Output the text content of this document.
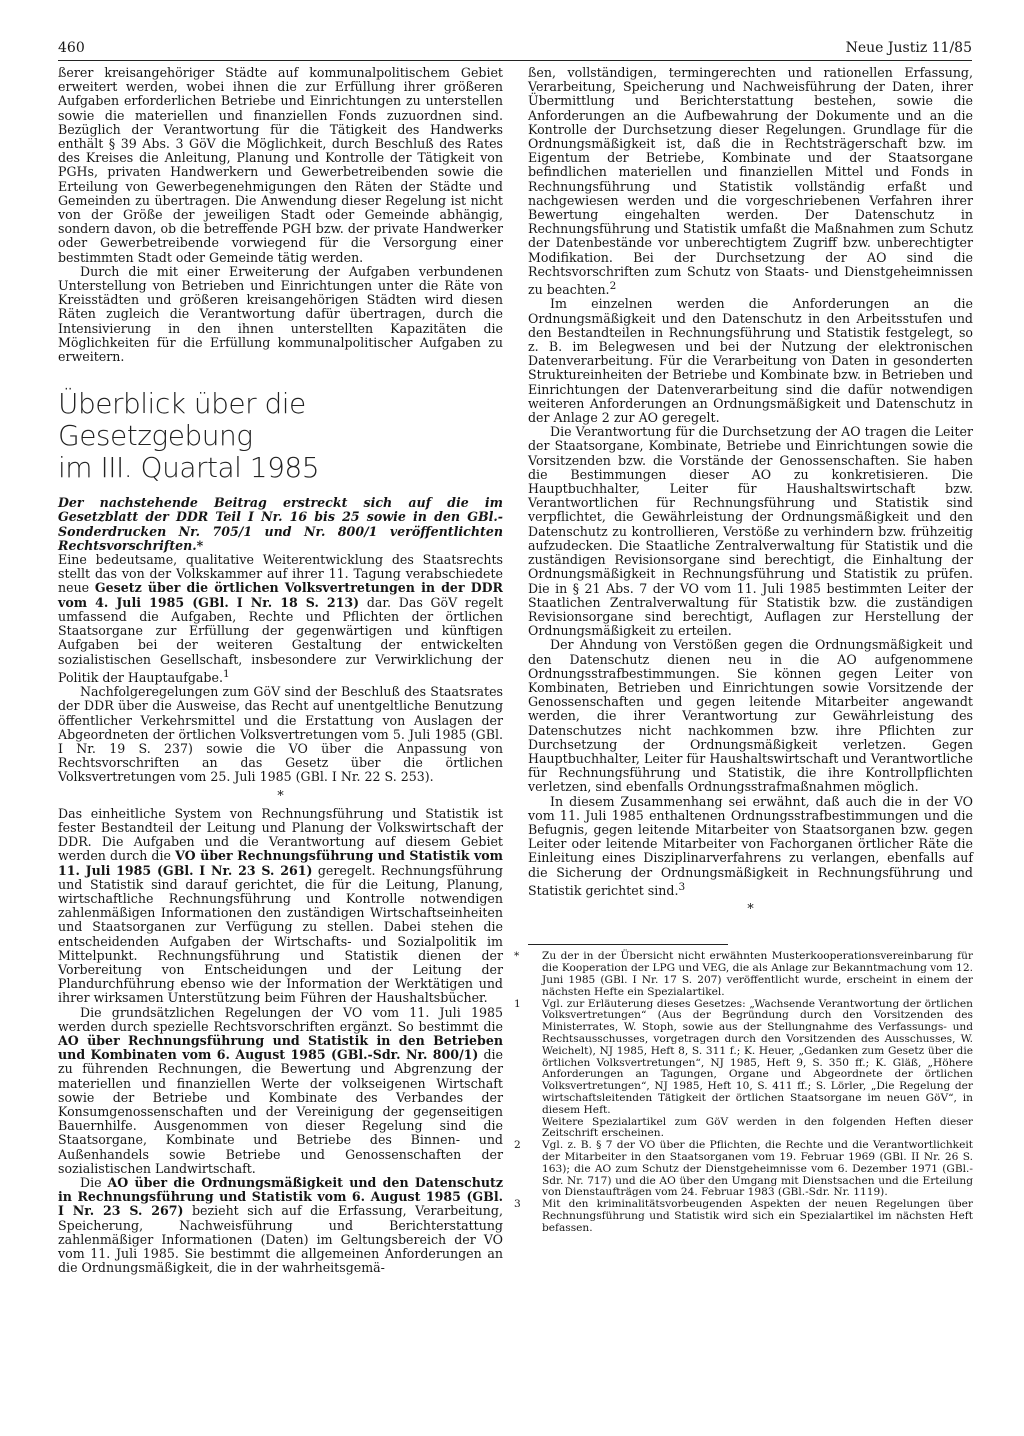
460	Neue Justiz 11/85

ßerer kreisangehöriger Städte auf kommunalpolitischem Gebiet erweitert werden, wobei ihnen die zur Erfüllung ihrer größeren Aufgaben erforderlichen Betriebe und Einrichtungen zu unterstellen sowie die materiellen und finanziellen Fonds zuzuordnen sind. Bezüglich der Verantwortung für die Tätigkeit des Handwerks enthält § 39 Abs. 3 GöV die Möglichkeit, durch Beschluß des Rates des Kreises die Anleitung, Planung und Kontrolle der Tätigkeit von PGHs, privaten Handwerkern und Gewerbetreibenden sowie die Erteilung von Gewerbegenehmigungen den Räten der Städte und Gemeinden zu übertragen. Die Anwendung dieser Regelung ist nicht von der Größe der jeweiligen Stadt oder Gemeinde abhängig, sondern davon, ob die betreffende PGH bzw. der private Handwerker oder Gewerbetreibende vorwiegend für die Versorgung einer bestimmten Stadt oder Gemeinde tätig werden.

Durch die mit einer Erweiterung der Aufgaben verbundenen Unterstellung von Betrieben und Einrichtungen unter die Räte von Kreisstädten und größeren kreisangehörigen Städten wird diesen Räten zugleich die Verantwortung dafür übertragen, durch die Intensivierung in den ihnen unterstellten Kapazitäten die Möglichkeiten für die Erfüllung kommunalpolitischer Aufgaben zu erweitern.

Überblick über die Gesetzgebung
im III. Quartal 1985

Der nachstehende Beitrag erstreckt sich auf die im Gesetzblatt der DDR Teil I Nr. 16 bis 25 sowie in den GBl.-Sonderdrucken Nr. 705/1 und Nr. 800/1 veröffentlichten Rechtsvorschriften.*

Eine bedeutsame, qualitative Weiterentwicklung des Staatsrechts stellt das von der Volkskammer auf ihrer 11. Tagung verabschiedete neue Gesetz über die örtlichen Volksvertretungen in der DDR vom 4. Juli 1985 (GBl. I Nr. 18 S. 213) dar. Das GöV regelt umfassend die Aufgaben, Rechte und Pflichten der örtlichen Staatsorgane zur Erfüllung der gegenwärtigen und künftigen Aufgaben bei der weiteren Gestaltung der entwickelten sozialistischen Gesellschaft, insbesondere zur Verwirklichung der Politik der Hauptaufgabe.$^1$

Nachfolgeregelungen zum GöV sind der Beschluß des Staatsrates der DDR über die Ausweise, das Recht auf unentgeltliche Benutzung öffentlicher Verkehrsmittel und die Erstattung von Auslagen der Abgeordneten der örtlichen Volksvertretungen vom 5. Juli 1985 (GBl. I Nr. 19 S. 237) sowie die VO über die Anpassung von Rechtsvorschriften an das Gesetz über die örtlichen Volksvertretungen vom 25. Juli 1985 (GBl. I Nr. 22 S. 253).

*

Das einheitliche System von Rechnungsführung und Statistik ist fester Bestandteil der Leitung und Planung der Volkswirtschaft der DDR. Die Aufgaben und die Verantwortung auf diesem Gebiet werden durch die VO über Rechnungsführung und Statistik vom 11. Juli 1985 (GBl. I Nr. 23 S. 261) geregelt. Rechnungsführung und Statistik sind darauf gerichtet, die für die Leitung, Planung, wirtschaftliche Rechnungsführung und Kontrolle notwendigen zahlenmäßigen Informationen den zuständigen Wirtschaftseinheiten und Staatsorganen zur Verfügung zu stellen. Dabei stehen die entscheidenden Aufgaben der Wirtschafts- und Sozialpolitik im Mittelpunkt. Rechnungsführung und Statistik dienen der Vorbereitung von Entscheidungen und der Leitung der Plandurchführung ebenso wie der Information der Werktätigen und ihrer wirksamen Unterstützung beim Führen der Haushaltsbücher.

Die grundsätzlichen Regelungen der VO vom 11. Juli 1985 werden durch spezielle Rechtsvorschriften ergänzt. So bestimmt die AO über Rechnungsführung und Statistik in den Betrieben und Kombinaten vom 6. August 1985 (GBl.-Sdr. Nr. 800/1) die zu führenden Rechnungen, die Bewertung und Abgrenzung der materiellen und finanziellen Werte der volkseigenen Wirtschaft sowie der Betriebe und Kombinate des Verbandes der Konsumgenossenschaften und der Vereinigung der gegenseitigen Bauernhilfe. Ausgenommen von dieser Regelung sind die Staatsorgane, Kombinate und Betriebe des Binnen- und Außenhandels sowie Betriebe und Genossenschaften der sozialistischen Landwirtschaft.

Die AO über die Ordnungsmäßigkeit und den Datenschutz in Rechnungsführung und Statistik vom 6. August 1985 (GBl. I Nr. 23 S. 267) bezieht sich auf die Erfassung, Verarbeitung, Speicherung, Nachweisführung und Berichterstattung zahlenmäßiger Informationen (Daten) im Geltungsbereich der VO vom 11. Juli 1985. Sie bestimmt die allgemeinen Anforderungen an die Ordnungsmäßigkeit, die in der wahrheitsgemä-

ßen, vollständigen, termingerechten und rationellen Erfassung, Verarbeitung, Speicherung und Nachweisführung der Daten, ihrer Übermittlung und Berichterstattung bestehen, sowie die Anforderungen an die Aufbewahrung der Dokumente und an die Kontrolle der Durchsetzung dieser Regelungen. Grundlage für die Ordnungsmäßigkeit ist, daß die in Rechtsträgerschaft bzw. im Eigentum der Betriebe, Kombinate und der Staatsorgane befindlichen materiellen und finanziellen Mittel und Fonds in Rechnungsführung und Statistik vollständig erfaßt und nachgewiesen werden und die vorgeschriebenen Verfahren ihrer Bewertung eingehalten werden. Der Datenschutz in Rechnungsführung und Statistik umfaßt die Maßnahmen zum Schutz der Datenbestände vor unberechtigtem Zugriff bzw. unberechtigter Modifikation. Bei der Durchsetzung der AO sind die Rechtsvorschriften zum Schutz von Staats- und Dienstgeheimnissen zu beachten.$^2$

Im einzelnen werden die Anforderungen an die Ordnungsmäßigkeit und den Datenschutz in den Arbeitsstufen und den Bestandteilen in Rechnungsführung und Statistik festgelegt, so z. B. im Belegwesen und bei der Nutzung der elektronischen Datenverarbeitung. Für die Verarbeitung von Daten in gesonderten Struktureinheiten der Betriebe und Kombinate bzw. in Betrieben und Einrichtungen der Datenverarbeitung sind die dafür notwendigen weiteren Anforderungen an Ordnungsmäßigkeit und Datenschutz in der Anlage 2 zur AO geregelt.

Die Verantwortung für die Durchsetzung der AO tragen die Leiter der Staatsorgane, Kombinate, Betriebe und Einrichtungen sowie die Vorsitzenden bzw. die Vorstände der Genossenschaften. Sie haben die Bestimmungen dieser AO zu konkretisieren. Die Hauptbuchhalter, Leiter für Haushaltswirtschaft bzw. Verantwortlichen für Rechnungsführung und Statistik sind verpflichtet, die Gewährleistung der Ordnungsmäßigkeit und den Datenschutz zu kontrollieren, Verstöße zu verhindern bzw. frühzeitig aufzudecken. Die Staatliche Zentralverwaltung für Statistik und die zuständigen Revisionsorgane sind berechtigt, die Einhaltung der Ordnungsmäßigkeit in Rechnungsführung und Statistik zu prüfen. Die in § 21 Abs. 7 der VO vom 11. Juli 1985 bestimmten Leiter der Staatlichen Zentralverwaltung für Statistik bzw. die zuständigen Revisionsorgane sind berechtigt, Auflagen zur Herstellung der Ordnungsmäßigkeit zu erteilen.

Der Ahndung von Verstößen gegen die Ordnungsmäßigkeit und den Datenschutz dienen neu in die AO aufgenommene Ordnungsstrafbestimmungen. Sie können gegen Leiter von Kombinaten, Betrieben und Einrichtungen sowie Vorsitzende der Genossenschaften und gegen leitende Mitarbeiter angewandt werden, die ihrer Verantwortung zur Gewährleistung des Datenschutzes nicht nachkommen bzw. ihre Pflichten zur Durchsetzung der Ordnungsmäßigkeit verletzen. Gegen Hauptbuchhalter, Leiter für Haushaltswirtschaft und Verantwortliche für Rechnungsführung und Statistik, die ihre Kontrollpflichten verletzen, sind ebenfalls Ordnungsstrafmaßnahmen möglich.

In diesem Zusammenhang sei erwähnt, daß auch die in der VO vom 11. Juli 1985 enthaltenen Ordnungsstrafbestimmungen und die Befugnis, gegen leitende Mitarbeiter von Staatsorganen bzw. gegen Leiter oder leitende Mitarbeiter von Fachorganen örtlicher Räte die Einleitung eines Disziplinarverfahrens zu verlangen, ebenfalls auf die Sicherung der Ordnungsmäßigkeit in Rechnungsführung und Statistik gerichtet sind.$^3$

*

* Zu der in der Übersicht nicht erwähnten Musterkooperationsvereinbarung für die Kooperation der LPG und VEG, die als Anlage zur Bekanntmachung vom 12. Juni 1985 (GBl. I Nr. 17 S. 207) veröffentlicht wurde, erscheint in einem der nächsten Hefte ein Spezialartikel.

1 Vgl. zur Erläuterung dieses Gesetzes: „Wachsende Verantwortung der örtlichen Volksvertretungen“ (Aus der Begründung durch den Vorsitzenden des Ministerrates, W. Stoph, sowie aus der Stellungnahme des Verfassungs- und Rechtsausschusses, vorgetragen durch den Vorsitzenden des Ausschusses, W. Weichelt), NJ 1985, Heft 8, S. 311 f.; K. Heuer, „Gedanken zum Gesetz über die örtlichen Volksvertretungen“, NJ 1985, Heft 9, S. 350 ff.; K. Gläß, „Höhere Anforderungen an Tagungen, Organe und Abgeordnete der örtlichen Volksvertretungen“, NJ 1985, Heft 10, S. 411 ff.; S. Lörler, „Die Regelung der wirtschaftsleitenden Tätigkeit der örtlichen Staatsorgane im neuen GöV“, in diesem Heft.

Weitere Spezialartikel zum GöV werden in den folgenden Heften dieser Zeitschrift erscheinen.

2 Vgl. z. B. § 7 der VO über die Pflichten, die Rechte und die Verantwortlichkeit der Mitarbeiter in den Staatsorganen vom 19. Februar 1969 (GBl. II Nr. 26 S. 163); die AO zum Schutz der Dienstgeheimnisse vom 6. Dezember 1971 (GBl.-Sdr. Nr. 717) und die AO über den Umgang mit Dienstsachen und die Erteilung von Dienstaufträgen vom 24. Februar 1983 (GBl.-Sdr. Nr. 1119).

3 Mit den kriminalitätsvorbeugenden Aspekten der neuen Regelungen über Rechnungsführung und Statistik wird sich ein Spezialartikel im nächsten Heft befassen.
